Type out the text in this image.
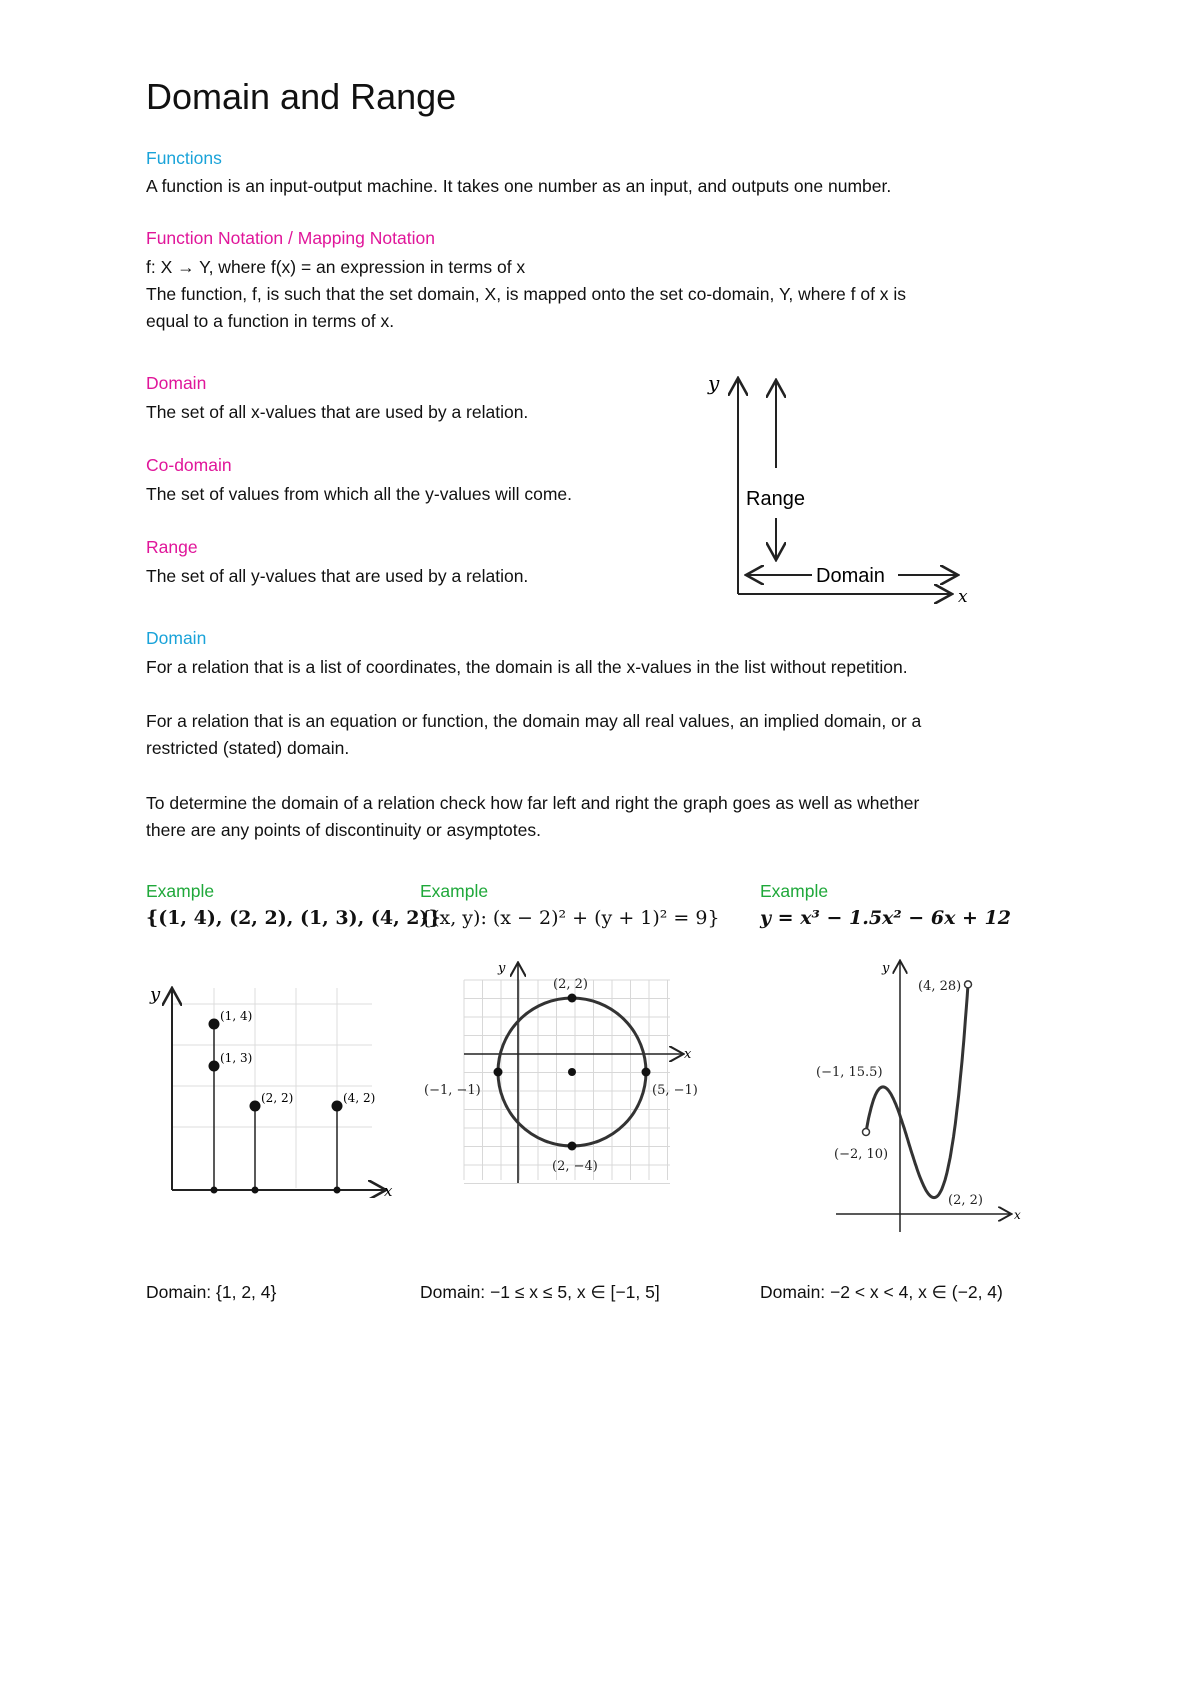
Domain and Range
Functions
A function is an input-output machine. It takes one number as an input, and outputs one number.
Function Notation / Mapping Notation
f: X → Y, where f(x) = an expression in terms of x
The function, f, is such that the set domain, X, is mapped onto the set co-domain, Y, where f of x is
equal to a function in terms of x.
Domain
The set of all x-values that are used by a relation.
Co-domain
The set of values from which all the y-values will come.
Range
The set of all y-values that are used by a relation.
y
x
Range
Domain
Domain
For a relation that is a list of coordinates, the domain is all the x-values in the list without repetition.
For a relation that is an equation or function, the domain may all real values, an implied domain, or a
restricted (stated) domain.
To determine the domain of a relation check how far left and right the graph goes as well as whether
there are any points of discontinuity or asymptotes.
Example
{(1, 4), (2, 2), (1, 3), (4, 2)}
y
x
(1, 4)
(1, 3)
(2, 2)	(4, 2)
Domain: {1, 2, 4}
Example
{(x, y): (x − 2)² + (y + 1)² = 9}
y
x
(2, 2)
(−1, −1)	(5, −1)
(2, −4)
Domain: −1 ≤ x ≤ 5, x ∈ [−1, 5]
Example
y = x³ − 1.5x² − 6x + 12
y
x
(4, 28)
(−1, 15.5)
(−2, 10)
(2, 2)
Domain: −2 < x < 4, x ∈ (−2, 4)
